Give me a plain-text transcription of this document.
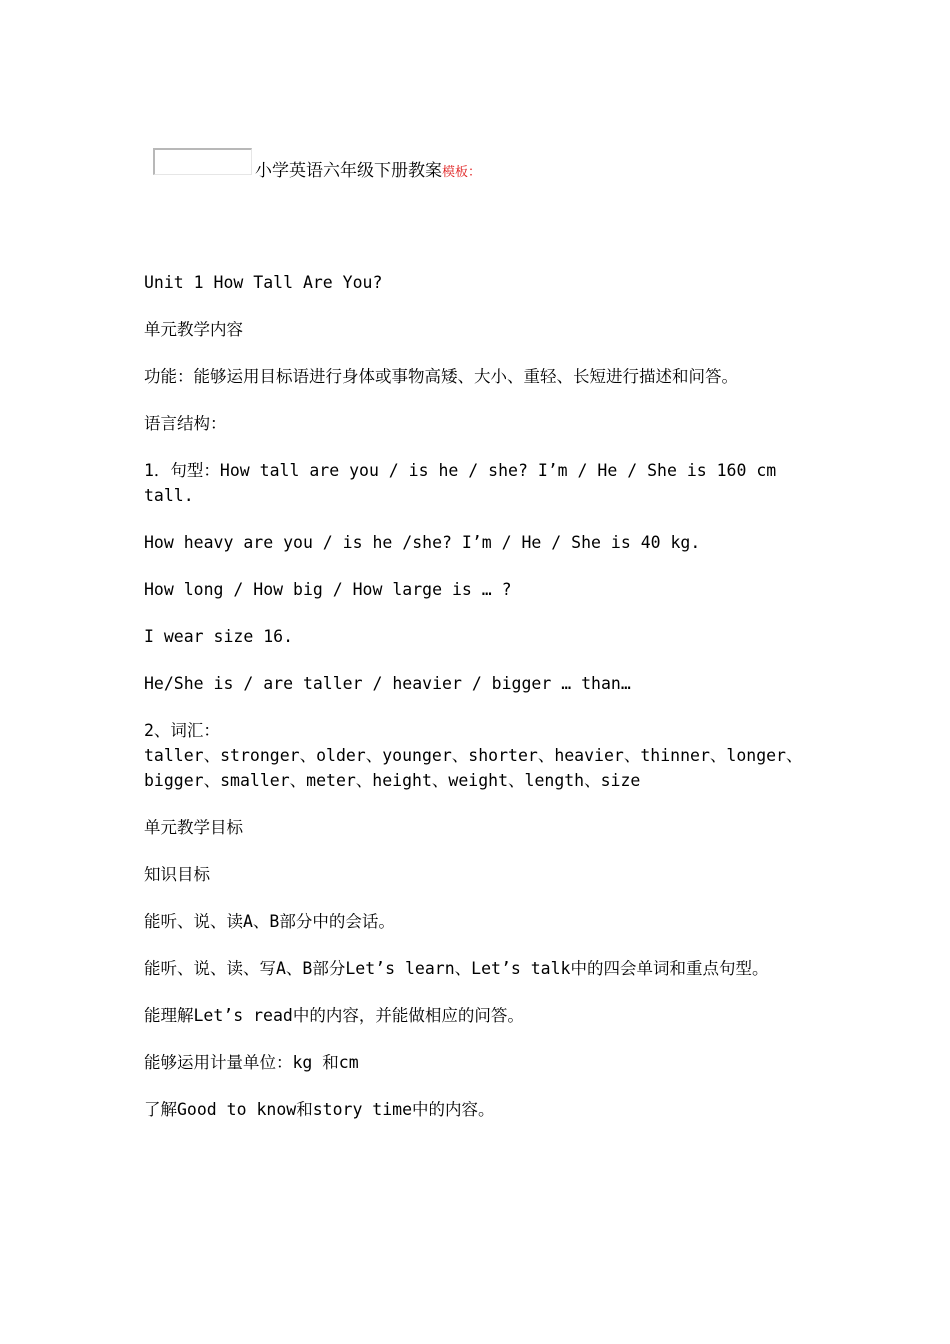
小学英语六年级下册教案模板：

Unit 1 How Tall Are You?

单元教学内容

功能：能够运用目标语进行身体或事物高矮、大小、重轻、长短进行描述和问答。

语言结构：

1．句型：How tall are you / is he / she? I’m / He / She is 160 cm tall.

How heavy are you / is he /she? I’m / He / She is 40 kg.

How long / How big / How large is … ?

I wear size 16.

He/She is / are taller / heavier / bigger … than…

2、词汇：

taller、stronger、older、younger、shorter、heavier、thinner、longer、bigger、smaller、meter、height、weight、length、size

单元教学目标

知识目标

能听、说、读A、B部分中的会话。

能听、说、读、写A、B部分Let’s learn、Let’s talk中的四会单词和重点句型。

能理解Let’s read中的内容，并能做相应的问答。

能够运用计量单位：kg 和cm

了解Good to know和story time中的内容。
